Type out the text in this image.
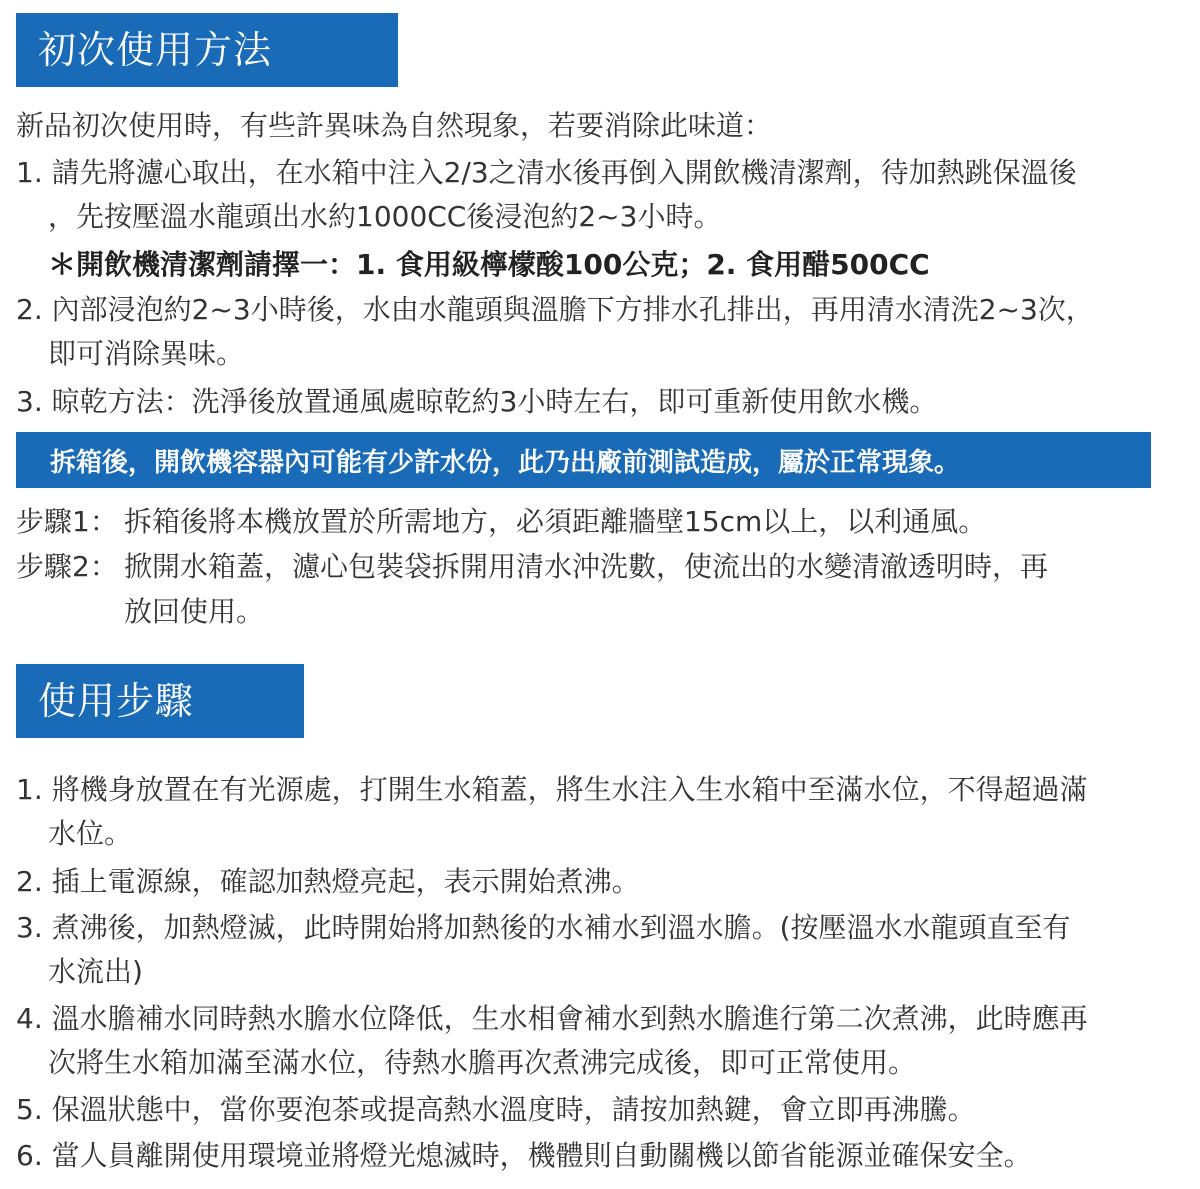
初次使用方法
新品初次使用時，有些許異味為自然現象，若要消除此味道：
1. 請先將濾心取出，在水箱中注入2/3之清水後再倒入開飲機清潔劑，待加熱跳保溫後
，先按壓溫水龍頭出水約1000CC後浸泡約2~3小時。
＊開飲機清潔劑請擇一：1. 食用級檸檬酸100公克；2. 食用醋500CC
2. 內部浸泡約2~3小時後，水由水龍頭與溫膽下方排水孔排出，再用清水清洗2~3次，
即可消除異味。
3. 晾乾方法：洗淨後放置通風處晾乾約3小時左右，即可重新使用飲水機。
拆箱後，開飲機容器內可能有少許水份，此乃出廠前測試造成，屬於正常現象。
步驟1： 拆箱後將本機放置於所需地方，必須距離牆壁15cm以上，以利通風。
步驟2： 掀開水箱蓋，濾心包裝袋拆開用清水沖洗數，使流出的水變清澈透明時，再
放回使用。
使用步驟
1. 將機身放置在有光源處，打開生水箱蓋，將生水注入生水箱中至滿水位，不得超過滿
水位。
2. 插上電源線，確認加熱燈亮起，表示開始煮沸。
3. 煮沸後，加熱燈滅，此時開始將加熱後的水補水到溫水膽。(按壓溫水水龍頭直至有
水流出)
4. 溫水膽補水同時熱水膽水位降低，生水相會補水到熱水膽進行第二次煮沸，此時應再
次將生水箱加滿至滿水位，待熱水膽再次煮沸完成後，即可正常使用。
5. 保溫狀態中，當你要泡茶或提高熱水溫度時，請按加熱鍵，會立即再沸騰。
6. 當人員離開使用環境並將燈光熄滅時，機體則自動關機以節省能源並確保安全。
